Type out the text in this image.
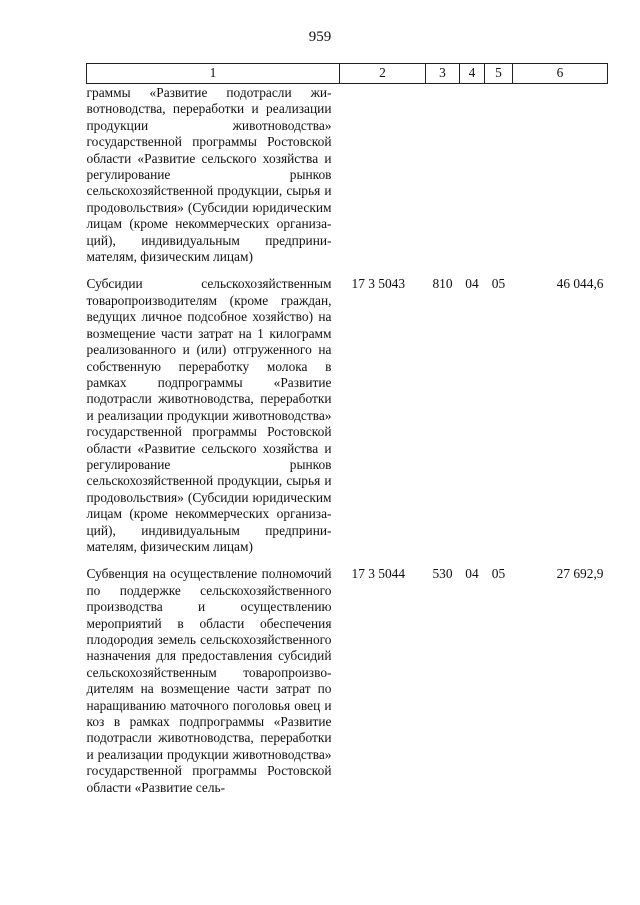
959
1	2	3	4	5	6
граммы «Развитие подотрасли животноводства, переработки и реализации продукции животноводства» государственной программы Ростовской области «Развитие сельского хозяйства и регулирование рынков сельскохозяйственной продукции, сырья и продовольствия» (Субсидии юридическим лицам (кроме некоммерческих организаций), индивидуальным предпринимателям, физическим лицам)					
Субсидии сельскохозяйственным товаропроизводителям (кроме граждан, ведущих личное подсобное хозяйство) на возмещение части затрат на 1 килограмм реализованного и (или) отгруженного на собственную переработку молока в рамках подпрограммы «Развитие подотрасли животноводства, переработки и реализации продукции животноводства» государственной программы Ростовской области «Развитие сельского хозяйства и регулирование рынков сельскохозяйственной продукции, сырья и продовольствия» (Субсидии юридическим лицам (кроме некоммерческих организаций), индивидуальным предпринимателям, физическим лицам)	17 3 5043	810	04	05	46 044,6
Субвенция на осуществление полномочий по поддержке сельскохозяйственного производства и осуществлению мероприятий в области обеспечения плодородия земель сельскохозяйственного назначения для предоставления субсидий сельскохозяйственным товаропроизводителям на возмещение части затрат по наращиванию маточного поголовья овец и коз в рамках подпрограммы «Развитие подотрасли животноводства, переработки и реализации продукции животноводства» государственной программы Ростовской области «Развитие сель-	17 3 5044	530	04	05	27 692,9
